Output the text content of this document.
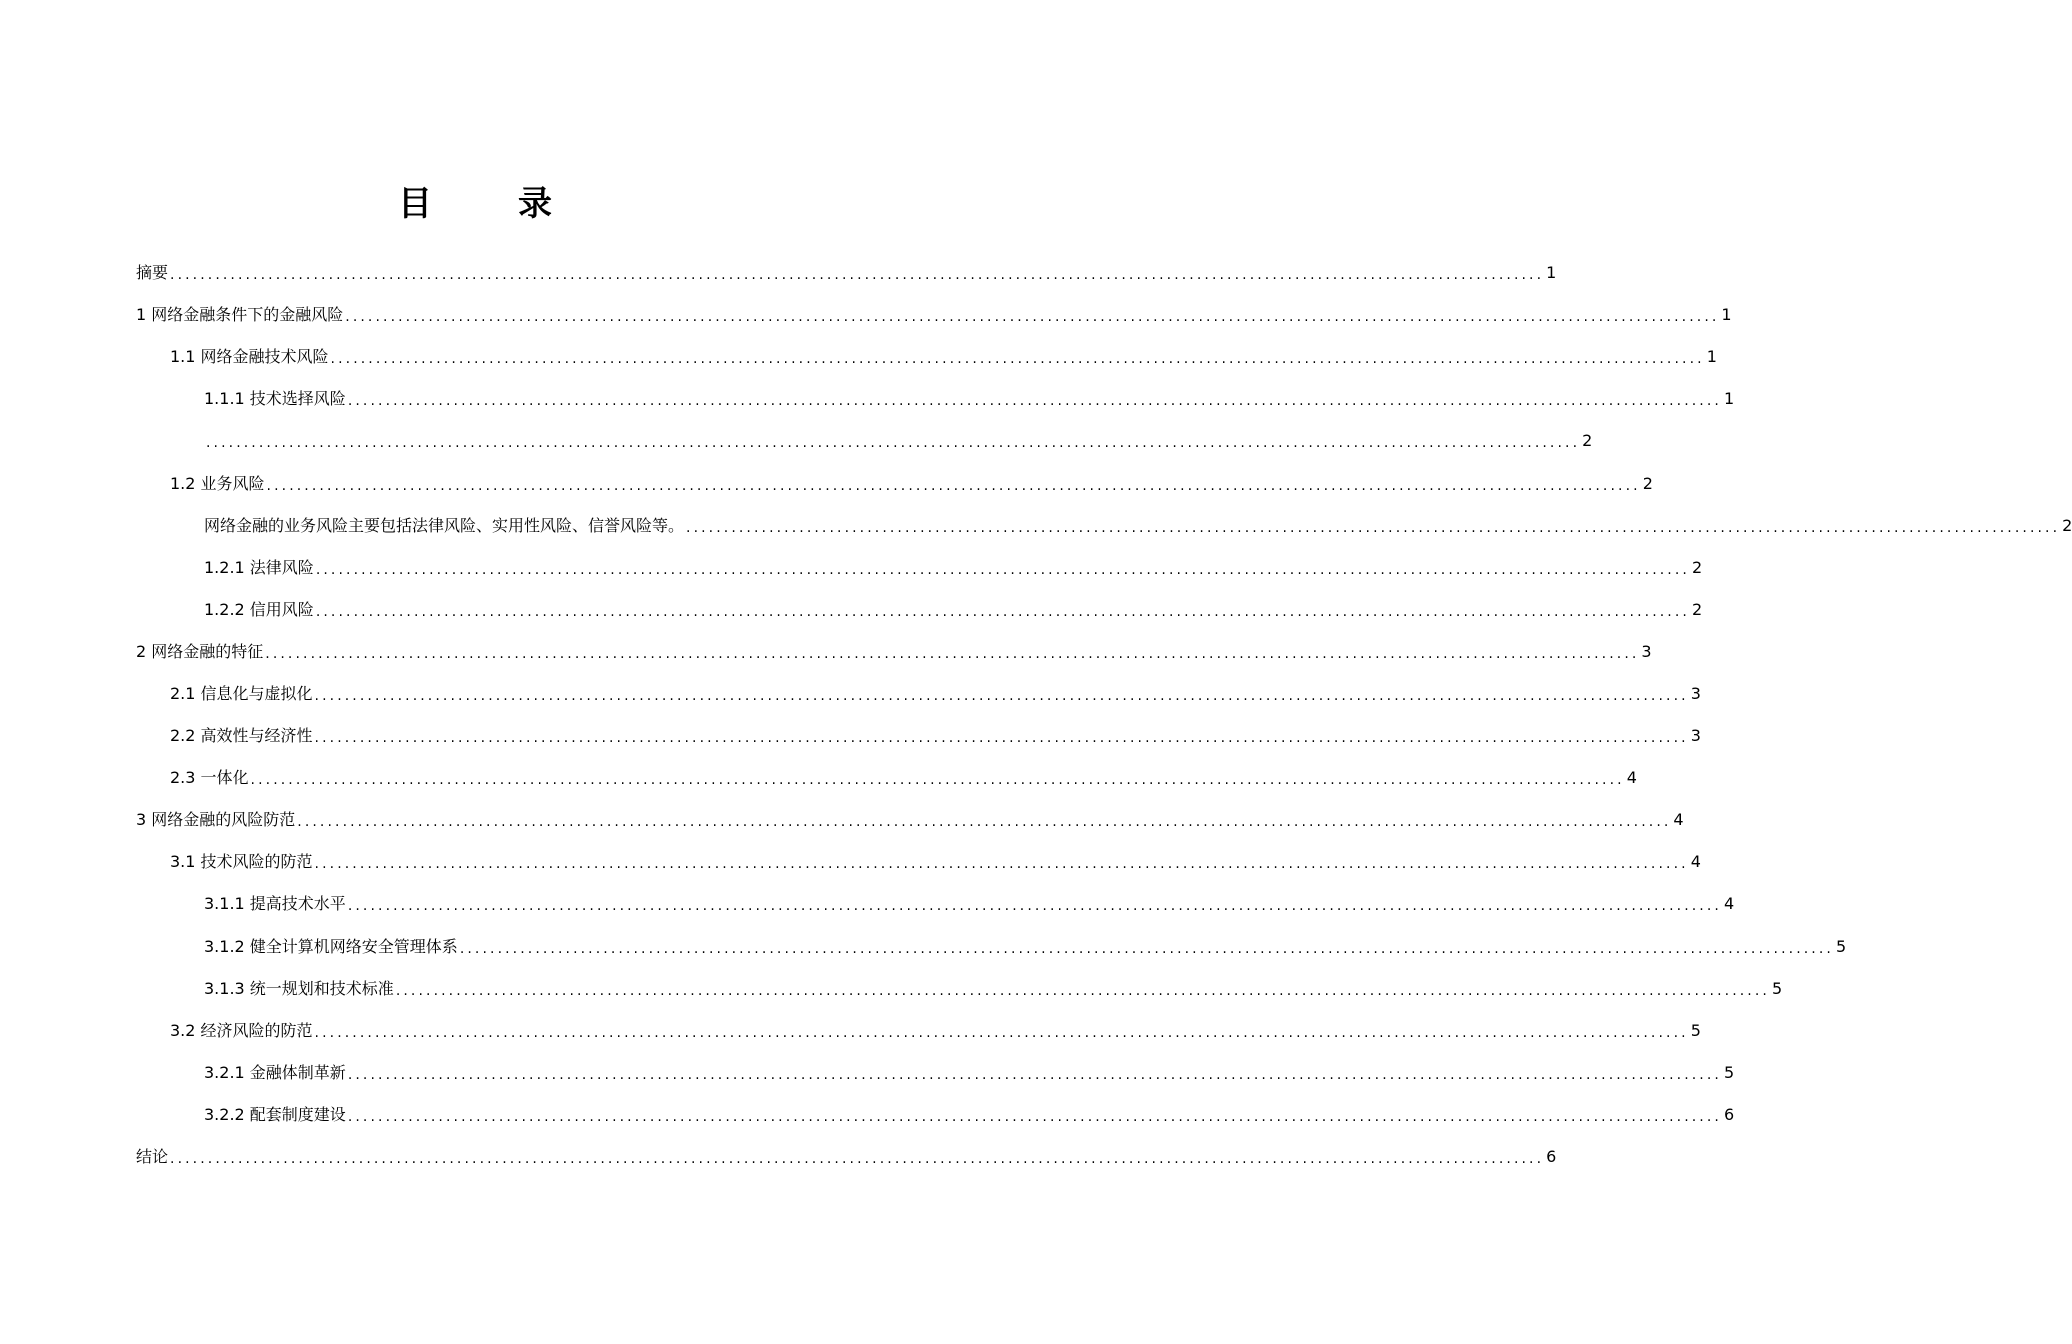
目	录
摘要 ...................................................................................................................................................................................... 1
1 网络金融条件下的金融风险 ...................................................................................................................................................................................... 1
1.1 网络金融技术风险 ...................................................................................................................................................................................... 1
1.1.1 技术选择风险 ...................................................................................................................................................................................... 1
...................................................................................................................................................................................... 2
1.2 业务风险 ...................................................................................................................................................................................... 2
网络金融的业务风险主要包括法律风险、实用性风险、信誉风险等。 ...................................................................................................................................................................................... 2
1.2.1 法律风险 ...................................................................................................................................................................................... 2
1.2.2 信用风险 ...................................................................................................................................................................................... 2
2 网络金融的特征 ...................................................................................................................................................................................... 3
2.1 信息化与虚拟化 ...................................................................................................................................................................................... 3
2.2 高效性与经济性 ...................................................................................................................................................................................... 3
2.3 一体化 ...................................................................................................................................................................................... 4
3 网络金融的风险防范 ...................................................................................................................................................................................... 4
3.1 技术风险的防范 ...................................................................................................................................................................................... 4
3.1.1 提高技术水平 ...................................................................................................................................................................................... 4
3.1.2 健全计算机网络安全管理体系 ...................................................................................................................................................................................... 5
3.1.3 统一规划和技术标准 ...................................................................................................................................................................................... 5
3.2 经济风险的防范 ...................................................................................................................................................................................... 5
3.2.1 金融体制革新 ...................................................................................................................................................................................... 5
3.2.2 配套制度建设 ...................................................................................................................................................................................... 6
结论 ...................................................................................................................................................................................... 6
